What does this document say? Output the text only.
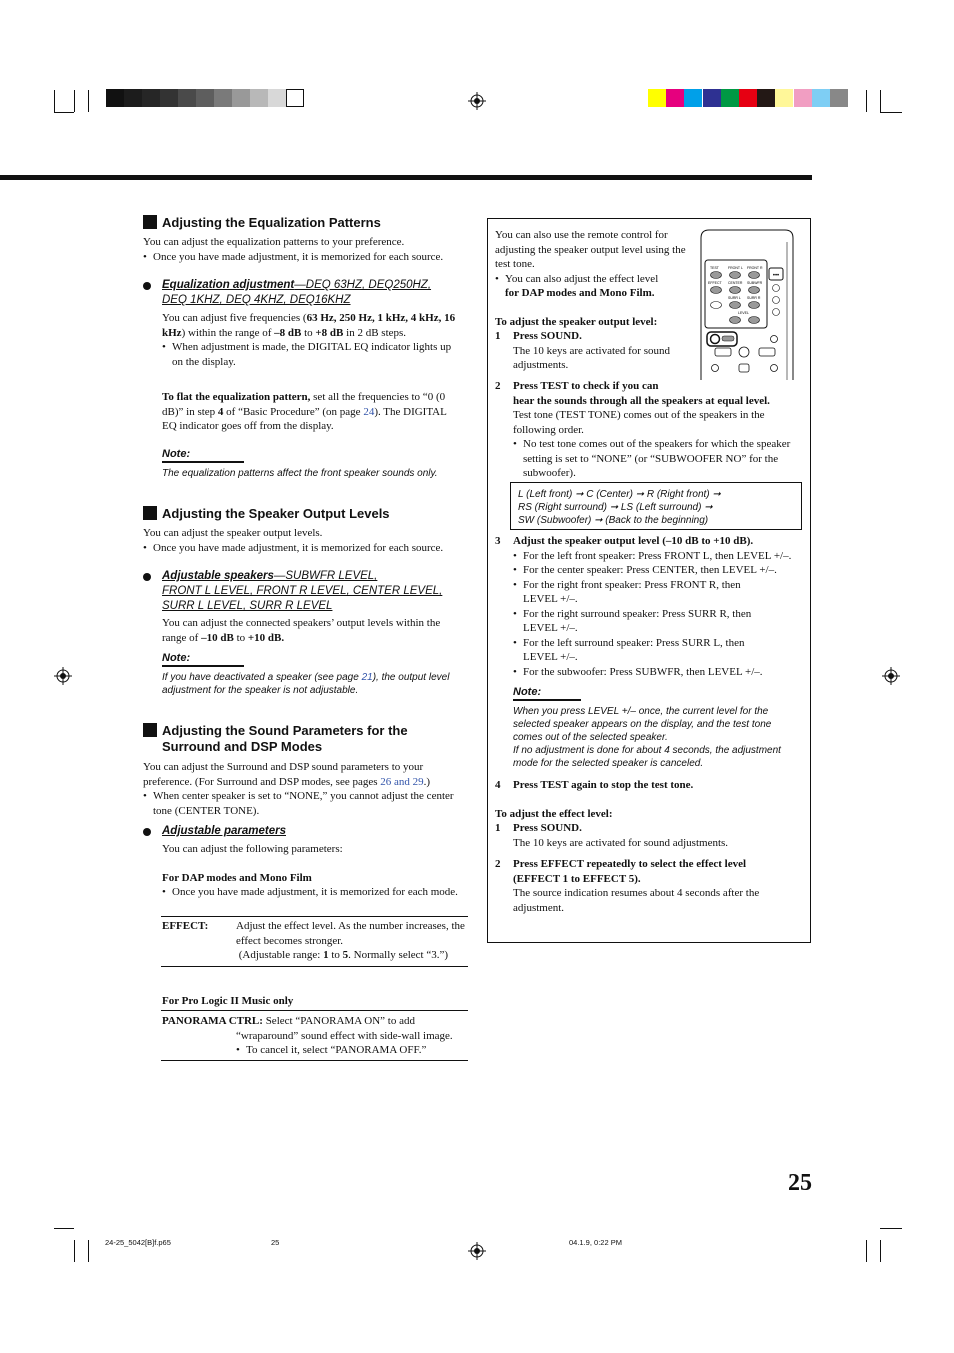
Adjusting the Equalization Patterns
You can adjust the equalization patterns to your preference.
• Once you have made adjustment, it is memorized for each source.
Equalization adjustment—DEQ 63HZ, DEQ250HZ,
DEQ 1KHZ, DEQ 4KHZ, DEQ16KHZ
You can adjust five frequencies (63 Hz, 250 Hz, 1 kHz, 4 kHz, 16 kHz) within the range of –8 dB to +8 dB in 2 dB steps.
• When adjustment is made, the DIGITAL EQ indicator lights up on the display.
To flat the equalization pattern, set all the frequencies to “0 (0 dB)” in step 4 of “Basic Procedure” (on page 24). The DIGITAL EQ indicator goes off from the display.
Note:
The equalization patterns affect the front speaker sounds only.
Adjusting the Speaker Output Levels
You can adjust the speaker output levels.
• Once you have made adjustment, it is memorized for each source.
Adjustable speakers—SUBWFR LEVEL,
FRONT L LEVEL, FRONT R LEVEL, CENTER LEVEL,
SURR L LEVEL, SURR R LEVEL
You can adjust the connected speakers’ output levels within the range of –10 dB to +10 dB.
Note:
If you have deactivated a speaker (see page 21), the output level adjustment for the speaker is not adjustable.
Adjusting the Sound Parameters for the
Surround and DSP Modes
You can adjust the Surround and DSP sound parameters to your preference. (For Surround and DSP modes, see pages 26 and 29.)
• When center speaker is set to “NONE,” you cannot adjust the center tone (CENTER TONE).
Adjustable parameters
You can adjust the following parameters:
For DAP modes and Mono Film
• Once you have made adjustment, it is memorized for each mode.
EFFECT:	Adjust the effect level. As the number increases, the effect becomes stronger.
(Adjustable range: 1 to 5. Normally select “3.”)
For Pro Logic II Music only
PANORAMA CTRL: Select “PANORAMA ON” to add
“wraparound” sound effect with side-wall image.
• To cancel it, select “PANORAMA OFF.”
You can also use the remote control for adjusting the speaker output level using the test tone.
• You can also adjust the effect level
for DAP modes and Mono Film.
•••
TEST	FRONT L FRONT R
EFFECT CENTER SUBWFR
SURR L SURR R
LEVEL
To adjust the speaker output level:
1 Press SOUND.
The 10 keys are activated for sound adjustments.
2 Press TEST to check if you can
hear the sounds through all the speakers at equal level.
Test tone (TEST TONE) comes out of the speakers in the following order.
• No test tone comes out of the speakers for which the speaker setting is set to “NONE” (or “SUBWOOFER NO” for the subwoofer).
L (Left front) ➞ C (Center) ➞ R (Right front) ➞
RS (Right surround) ➞ LS (Left surround) ➞
SW (Subwoofer) ➞ (Back to the beginning)
3 Adjust the speaker output level (–10 dB to +10 dB).
• For the left front speaker: Press FRONT L, then LEVEL +/–.
• For the center speaker: Press CENTER, then LEVEL +/–.
• For the right front speaker: Press FRONT R, then LEVEL +/–.
• For the right surround speaker: Press SURR R, then LEVEL +/–.
• For the left surround speaker: Press SURR L, then LEVEL +/–.
• For the subwoofer: Press SUBWFR, then LEVEL +/–.
Note:
When you press LEVEL +/– once, the current level for the selected speaker appears on the display, and the test tone comes out of the selected speaker.
If no adjustment is done for about 4 seconds, the adjustment mode for the selected speaker is canceled.
4 Press TEST again to stop the test tone.
To adjust the effect level:
1 Press SOUND.
The 10 keys are activated for sound adjustments.
2 Press EFFECT repeatedly to select the effect level (EFFECT 1 to EFFECT 5).
The source indication resumes about 4 seconds after the adjustment.
25
24-25_5042[B]f.p65	25	04.1.9, 0:22 PM
